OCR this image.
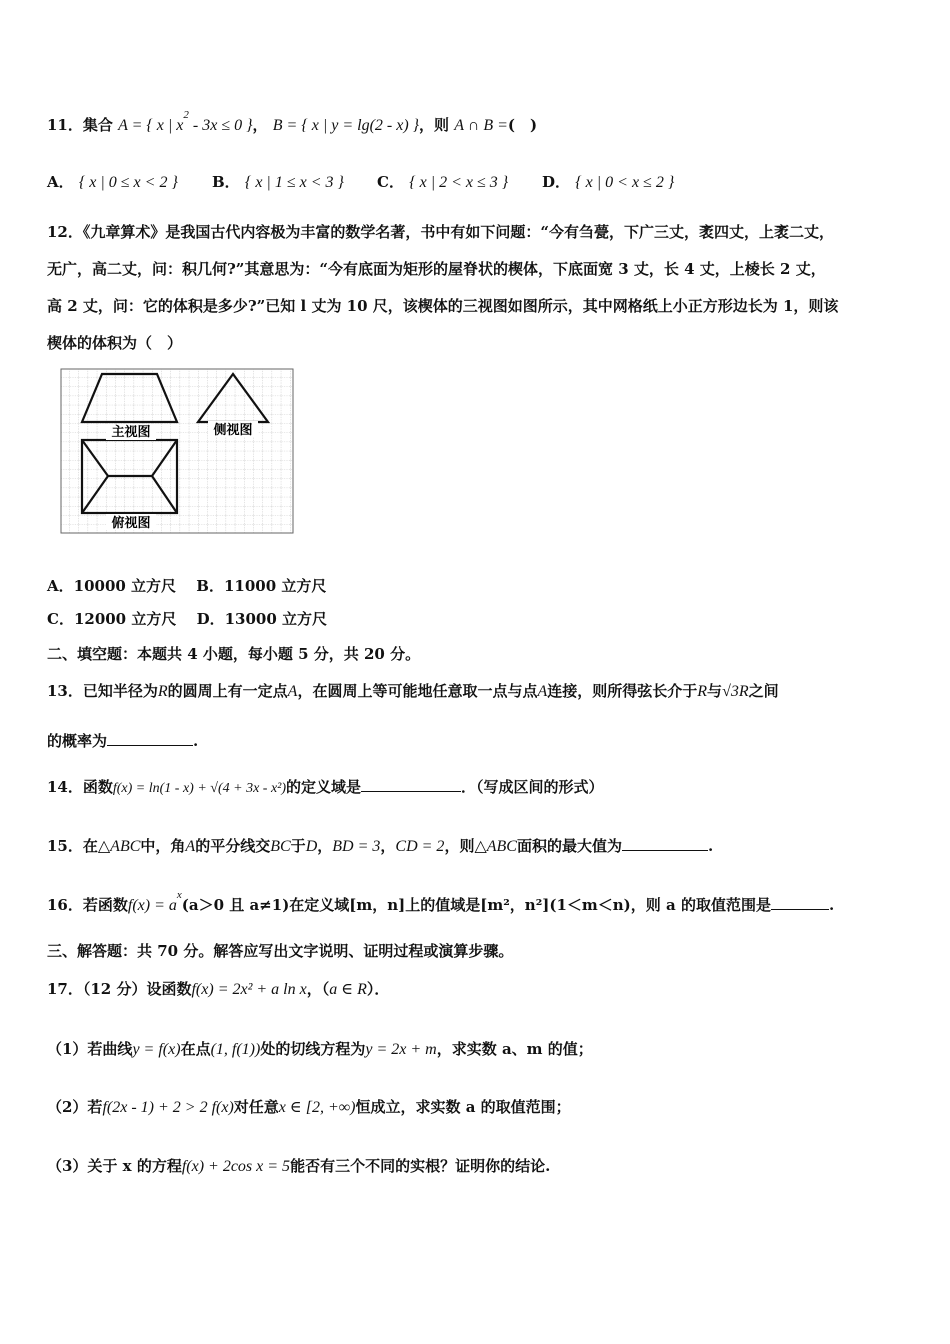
11．集合 A = { x | $x^2 - 3x \le 0$ }， B = { x | y = lg(2 - x) }，则 A ∩ B =(　)
A． { x | 0 ≤ x < 2 } B． { x | 1 ≤ x < 3 } C． { x | 2 < x ≤ 3 } D． { x | 0 < x ≤ 2 }
12．《九章算术》是我国古代内容极为丰富的数学名著，书中有如下问题：“今有刍甍，下广三丈，袤四丈，上袤二丈，
无广，高二丈，问：积几何?”其意思为：“今有底面为矩形的屋脊状的楔体，下底面宽 3 丈，长 4 丈，上棱长 2 丈，
高 2 丈，问：它的体积是多少?”已知 l 丈为 10 尺，该楔体的三视图如图所示，其中网格纸上小正方形边长为 1，则该
楔体的体积为（　）
主视图	侧视图
俯视图
A．10000 立方尺　 B．11000 立方尺
C．12000 立方尺　 D．13000 立方尺
二、填空题：本题共 4 小题，每小题 5 分，共 20 分。
13．已知半径为R的圆周上有一定点A，在圆周上等可能地任意取一点与点A连接，则所得弦长介于R与√3R之间
的概率为	.
14．函数f(x) = ln(1 - x) + √(4 + 3x - x²)的定义域是	．（写成区间的形式）
15．在△ABC中，角A的平分线交BC于D，BD = 3，CD = 2，则△ABC面积的最大值为	.
16．若函数$f(x) = a^x(a>0$ 且 a≠1)在定义域[m，n]上的值域是[m²，n²](1＜m＜n)，则 a 的取值范围是	.
三、解答题：共 70 分。解答应写出文字说明、证明过程或演算步骤。
17．（12 分）设函数f(x) = 2x² + a ln x，（a ∈ R）．
（1）若曲线y = f(x)在点(1, f(1))处的切线方程为y = 2x + m，求实数 a、m 的值；
（2）若f(2x - 1) + 2 > 2 f(x)对任意x ∈ [2, +∞)恒成立，求实数 a 的取值范围；
（3）关于 x 的方程f(x) + 2cos x = 5能否有三个不同的实根？证明你的结论.
